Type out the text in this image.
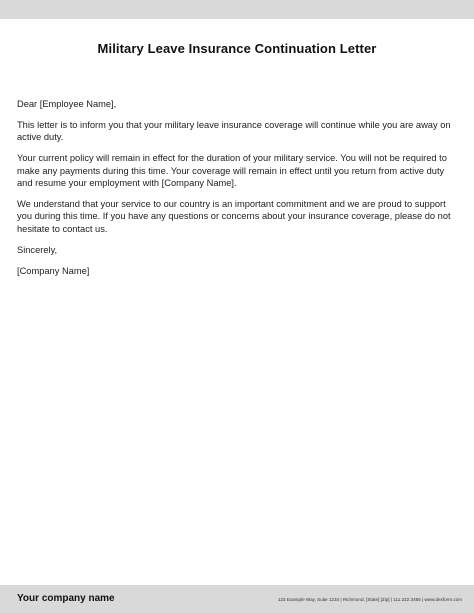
Military Leave Insurance Continuation Letter

Dear [Employee Name],

This letter is to inform you that your military leave insurance coverage will continue while you are away on active duty.

Your current policy will remain in effect for the duration of your military service. You will not be required to make any payments during this time. Your coverage will remain in effect until you return from active duty and resume your employment with [Company Name].

We understand that your service to our country is an important commitment and we are proud to support you during this time. If you have any questions or concerns about your insurance coverage, please do not hesitate to contact us.

Sincerely,

[Company Name]

Your company name	123 Example Way, Suite 1234 | Richmond, [State] [Zip] | 111.222.3456 | www.dexform.com
